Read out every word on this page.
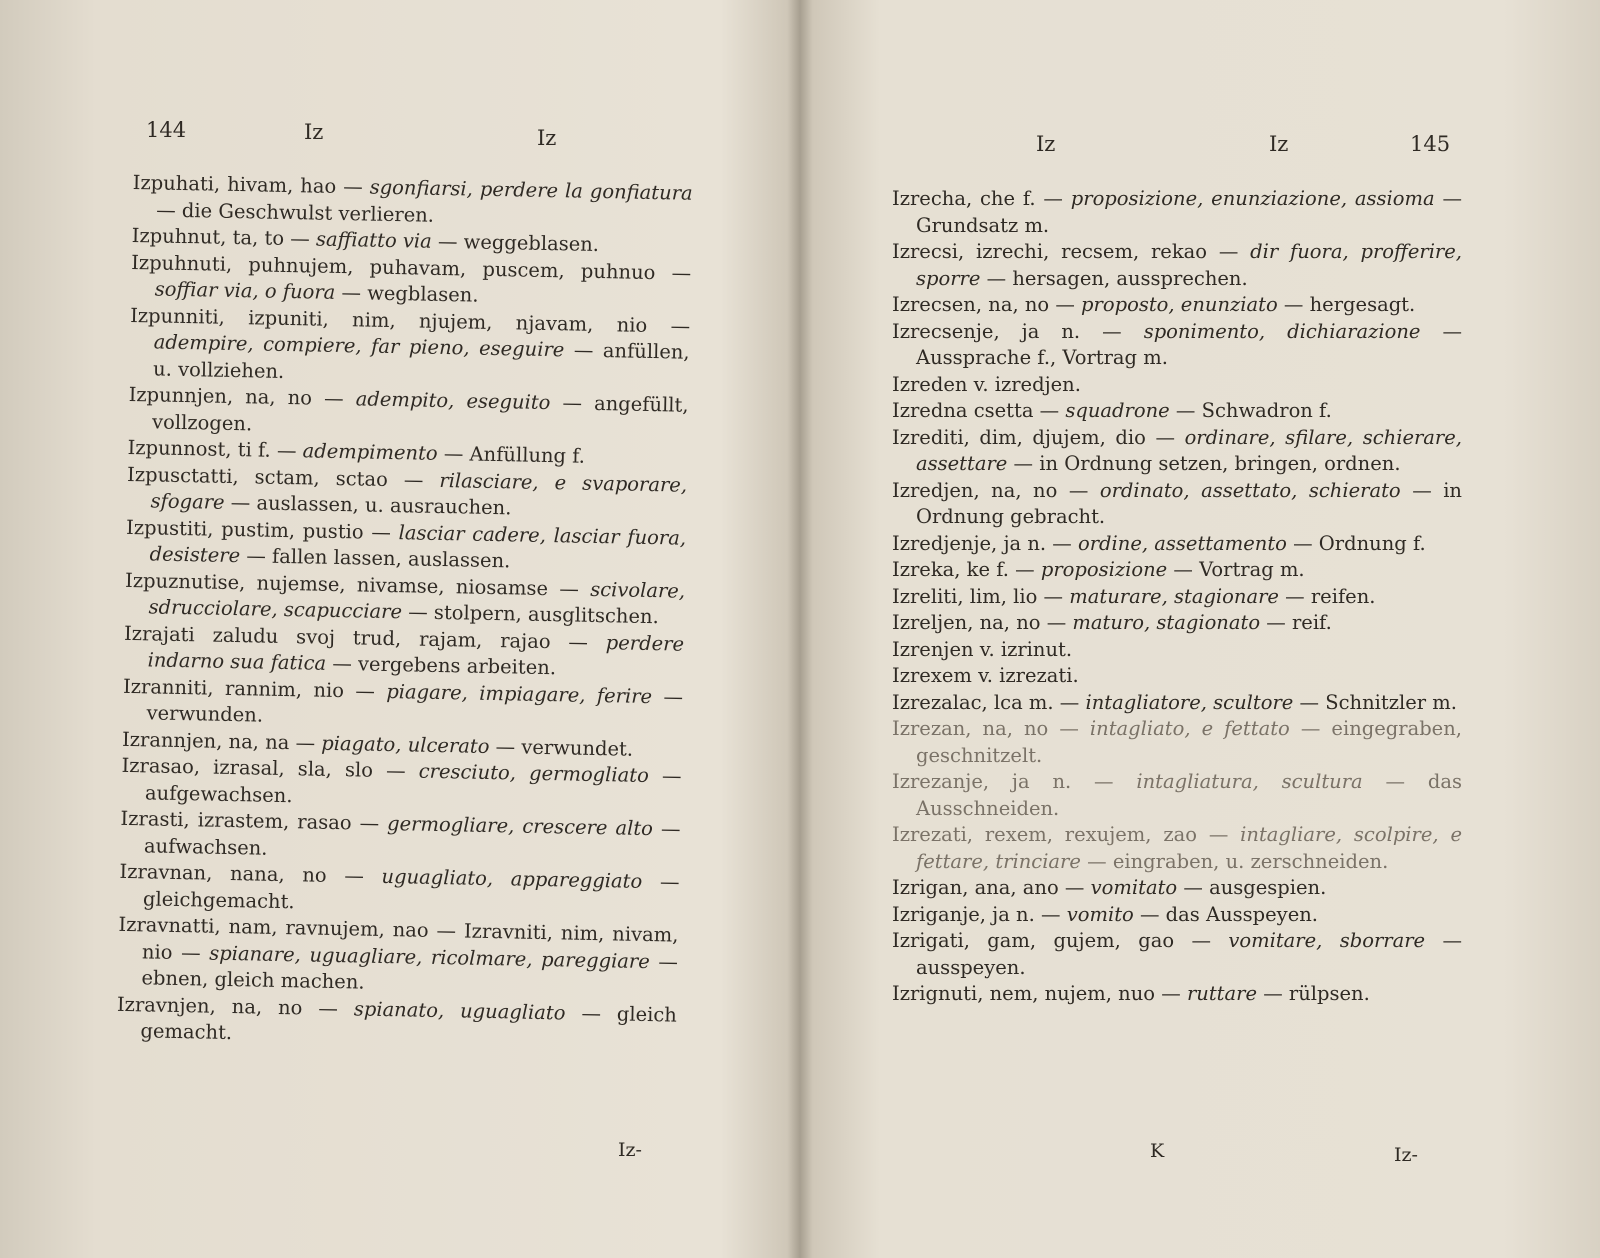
144	Iz	Iz
Izpuhati, hivam, hao — sgonfiarsi, perdere la gonfiatura — die Geschwulst verlieren.
Izpuhnut, ta, to — saffiatto via — weggeblasen.
Izpuhnuti, puhnujem, puhavam, puscem, puhnuo — soffiar via, o fuora — wegblasen.
Izpunniti, izpuniti, nim, njujem, njavam, nio — adempire, compiere, far pieno, eseguire — anfüllen, u. vollziehen.
Izpunnjen, na, no — adempito, eseguito — angefüllt, vollzogen.
Izpunnost, ti f. — adempimento — Anfüllung f.
Izpusctatti, sctam, sctao — rilasciare, e svaporare, sfogare — auslassen, u. ausrauchen.
Izpustiti, pustim, pustio — lasciar cadere, lasciar fuora, desistere — fallen lassen, auslassen.
Izpuznutise, nujemse, nivamse, niosamse — scivolare, sdrucciolare, scapucciare — stolpern, ausglitschen.
Izrajati zaludu svoj trud, rajam, rajao — perdere indarno sua fatica — vergebens arbeiten.
Izranniti, rannim, nio — piagare, impiagare, ferire — verwunden.
Izrannjen, na, na — piagato, ulcerato — verwundet.
Izrasao, izrasal, sla, slo — cresciuto, germogliato — aufgewachsen.
Izrasti, izrastem, rasao — germogliare, crescere alto — aufwachsen.
Izravnan, nana, no — uguagliato, appareggiato — gleichgemacht.
Izravnatti, nam, ravnujem, nao — Izravniti, nim, nivam, nio — spianare, uguagliare, ricolmare, pareggiare — ebnen, gleich machen.
Izravnjen, na, no — spianato, uguagliato — gleich gemacht.
Iz-
Iz	Iz	145
Izrecha, che f. — proposizione, enunziazione, assioma — Grundsatz m.
Izrecsi, izrechi, recsem, rekao — dir fuora, profferire, sporre — hersagen, aussprechen.
Izrecsen, na, no — proposto, enunziato — hergesagt.
Izrecsenje, ja n. — sponimento, dichiarazione — Aussprache f., Vortrag m.
Izreden v. izredjen.
Izredna csetta — squadrone — Schwadron f.
Izrediti, dim, djujem, dio — ordinare, sfilare, schierare, assettare — in Ordnung setzen, bringen, ordnen.
Izredjen, na, no — ordinato, assettato, schierato — in Ordnung gebracht.
Izredjenje, ja n. — ordine, assettamento — Ordnung f.
Izreka, ke f. — proposizione — Vortrag m.
Izreliti, lim, lio — maturare, stagionare — reifen.
Izreljen, na, no — maturo, stagionato — reif.
Izrenjen v. izrinut.
Izrexem v. izrezati.
Izrezalac, lca m. — intagliatore, scultore — Schnitzler m.
Izrezan, na, no — intagliato, e fettato — eingegraben, geschnitzelt.
Izrezanje, ja n. — intagliatura, scultura — das Ausschneiden.
Izrezati, rexem, rexujem, zao — intagliare, scolpire, e fettare, trinciare — eingraben, u. zerschneiden.
Izrigan, ana, ano — vomitato — ausgespien.
Izriganje, ja n. — vomito — das Ausspeyen.
Izrigati, gam, gujem, gao — vomitare, sborrare — ausspeyen.
Izrignuti, nem, nujem, nuo — ruttare — rülpsen.
K	Iz-
